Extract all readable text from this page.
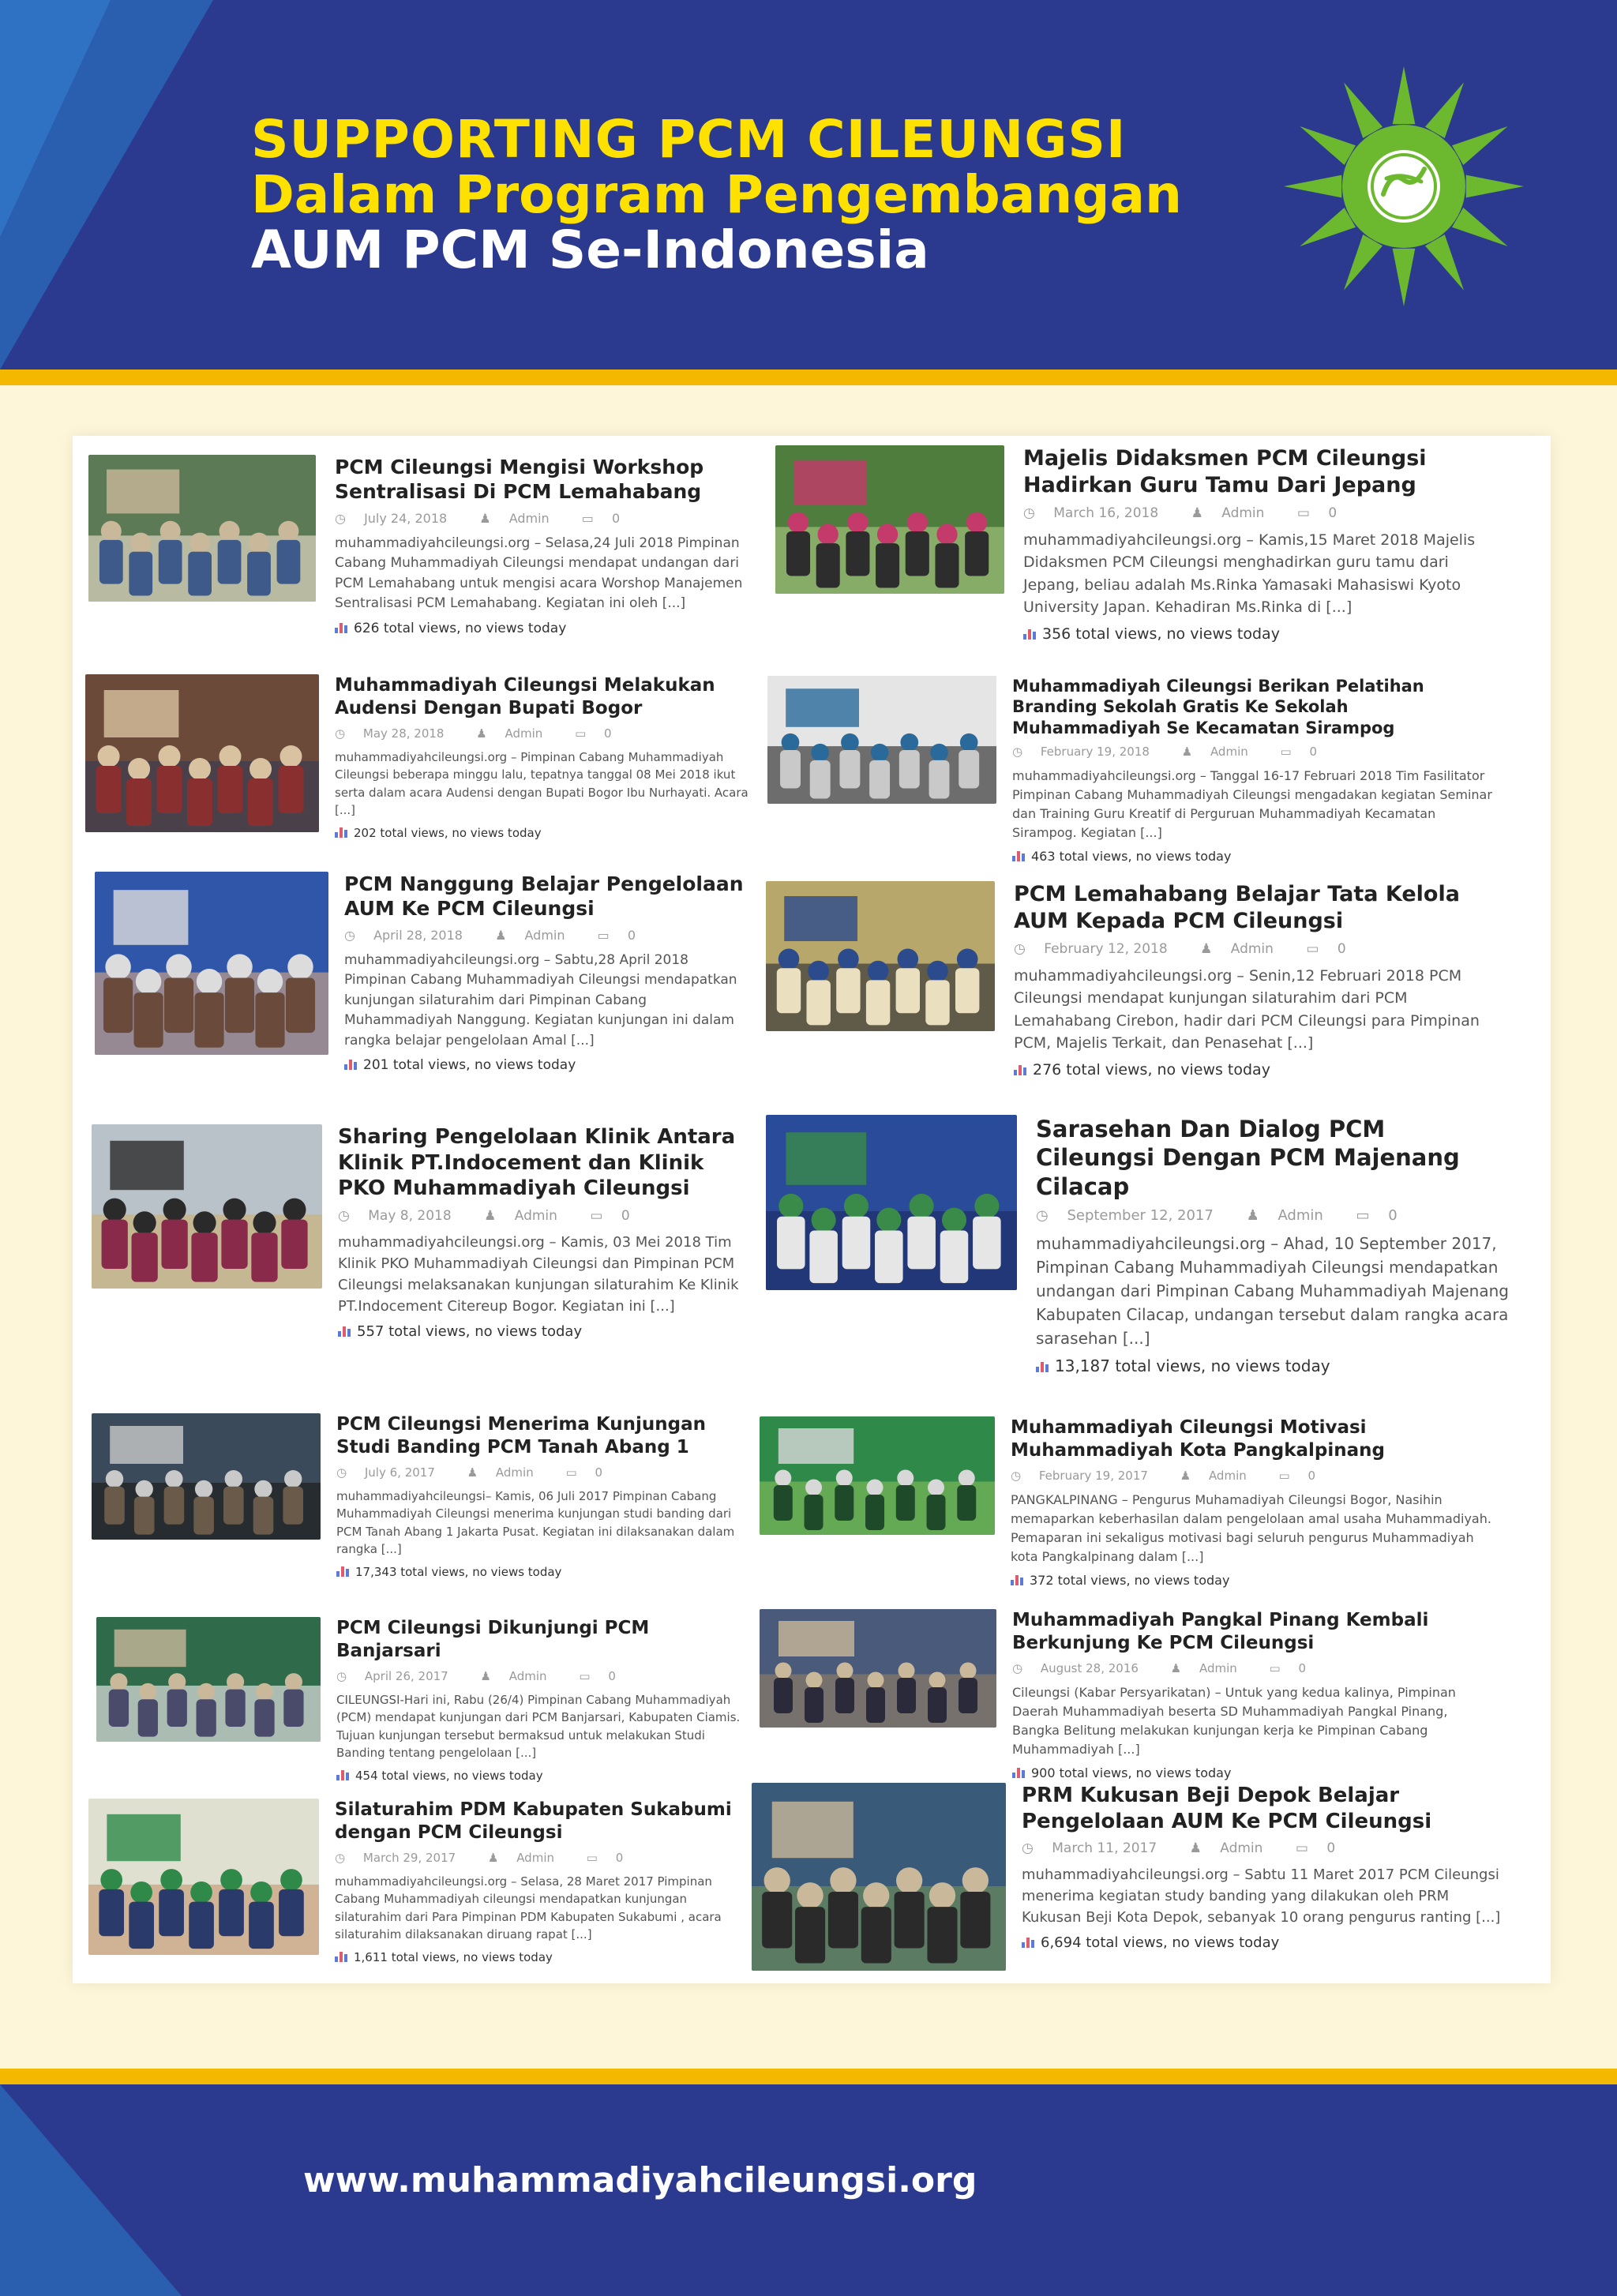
SUPPORTING PCM CILEUNGSI
Dalam Program Pengembangan
AUM PCM Se-Indonesia
PCM Cileungsi Mengisi Workshop Sentralisasi Di PCM Lemahabang
◷ July 24, 2018	♟ Admin	▭ 0
muhammadiyahcileungsi.org – Selasa,24 Juli 2018 Pimpinan Cabang Muhammadiyah Cileungsi mendapat undangan dari PCM Lemahabang untuk mengisi acara Worshop Manajemen Sentralisasi PCM Lemahabang. Kegiatan ini oleh [...]
626 total views, no views today
Majelis Didaksmen PCM Cileungsi Hadirkan Guru Tamu Dari Jepang
◷ March 16, 2018 ♟ Admin ▭ 0
muhammadiyahcileungsi.org – Kamis,15 Maret 2018 Majelis Didaksmen PCM Cileungsi menghadirkan guru tamu dari Jepang, beliau adalah Ms.Rinka Yamasaki Mahasiswi Kyoto University Japan. Kehadiran Ms.Rinka di [...]
356 total views, no views today
Muhammadiyah Cileungsi Melakukan Audensi Dengan Bupati Bogor
◷ May 28, 2018	♟ Admin	▭ 0
muhammadiyahcileungsi.org – Pimpinan Cabang Muhammadiyah Cileungsi beberapa minggu lalu, tepatnya tanggal 08 Mei 2018 ikut serta dalam acara Audensi dengan Bupati Bogor Ibu Nurhayati. Acara [...]
202 total views, no views today
Muhammadiyah Cileungsi Berikan Pelatihan Branding Sekolah Gratis Ke Sekolah Muhammadiyah Se Kecamatan Sirampog
◷ February 19, 2018	♟ Admin	▭ 0
muhammadiyahcileungsi.org – Tanggal 16-17 Februari 2018 Tim Fasilitator Pimpinan Cabang Muhammadiyah Cileungsi mengadakan kegiatan Seminar dan Training Guru Kreatif di Perguruan Muhammadiyah Kecamatan Sirampog. Kegiatan [...]
463 total views, no views today
PCM Nanggung Belajar Pengelolaan AUM Ke PCM Cileungsi
◷ April 28, 2018	♟ Admin	▭ 0
muhammadiyahcileungsi.org – Sabtu,28 April 2018 Pimpinan Cabang Muhammadiyah Cileungsi mendapatkan kunjungan silaturahim dari Pimpinan Cabang Muhammadiyah Nanggung. Kegiatan kunjungan ini dalam rangka belajar pengelolaan Amal [...]
201 total views, no views today
PCM Lemahabang Belajar Tata Kelola AUM Kepada PCM Cileungsi
◷ February 12, 2018 ♟ Admin ▭ 0
muhammadiyahcileungsi.org – Senin,12 Februari 2018 PCM Cileungsi mendapat kunjungan silaturahim dari PCM Lemahabang Cirebon, hadir dari PCM Cileungsi para Pimpinan PCM, Majelis Terkait, dan Penasehat [...]
276 total views, no views today
Sharing Pengelolaan Klinik Antara Klinik PT.Indocement dan Klinik PKO Muhammadiyah Cileungsi
◷ May 8, 2018 ♟ Admin ▭ 0
muhammadiyahcileungsi.org – Kamis, 03 Mei 2018 Tim Klinik PKO Muhammadiyah Cileungsi dan Pimpinan PCM Cileungsi melaksanakan kunjungan silaturahim Ke Klinik PT.Indocement Citereup Bogor. Kegiatan ini [...]
557 total views, no views today
Sarasehan Dan Dialog PCM Cileungsi Dengan PCM Majenang Cilacap
◷ September 12, 2017 ♟ Admin ▭ 0
muhammadiyahcileungsi.org – Ahad, 10 September 2017, Pimpinan Cabang Muhammadiyah Cileungsi mendapatkan undangan dari Pimpinan Cabang Muhammadiyah Majenang Kabupaten Cilacap, undangan tersebut dalam rangka acara sarasehan [...]
13,187 total views, no views today
PCM Cileungsi Menerima Kunjungan Studi Banding PCM Tanah Abang 1
◷ July 6, 2017	♟ Admin	▭ 0
muhammadiyahcileungsi– Kamis, 06 Juli 2017 Pimpinan Cabang Muhammadiyah Cileungsi menerima kunjungan studi banding dari PCM Tanah Abang 1 Jakarta Pusat. Kegiatan ini dilaksanakan dalam rangka [...]
17,343 total views, no views today
Muhammadiyah Cileungsi Motivasi Muhammadiyah Kota Pangkalpinang
◷ February 19, 2017	♟ Admin	▭ 0
PANGKALPINANG – Pengurus Muhamadiyah Cileungsi Bogor, Nasihin memaparkan keberhasilan dalam pengelolaan amal usaha Muhammadiyah. Pemaparan ini sekaligus motivasi bagi seluruh pengurus Muhammadiyah kota Pangkalpinang dalam [...]
372 total views, no views today
PCM Cileungsi Dikunjungi PCM Banjarsari
◷ April 26, 2017	♟ Admin	▭ 0
CILEUNGSI-Hari ini, Rabu (26/4) Pimpinan Cabang Muhammadiyah (PCM) mendapat kunjungan dari PCM Banjarsari, Kabupaten Ciamis. Tujuan kunjungan tersebut bermaksud untuk melakukan Studi Banding tentang pengelolaan [...]
454 total views, no views today
Muhammadiyah Pangkal Pinang Kembali Berkunjung Ke PCM Cileungsi
◷ August 28, 2016	♟ Admin	▭ 0
Cileungsi (Kabar Persyarikatan) – Untuk yang kedua kalinya, Pimpinan Daerah Muhammadiyah beserta SD Muhammadiyah Pangkal Pinang, Bangka Belitung melakukan kunjungan kerja ke Pimpinan Cabang Muhammadiyah [...]
900 total views, no views today
Silaturahim PDM Kabupaten Sukabumi dengan PCM Cileungsi
◷ March 29, 2017	♟ Admin	▭ 0
muhammadiyahcileungsi.org – Selasa, 28 Maret 2017 Pimpinan Cabang Muhammadiyah cileungsi mendapatkan kunjungan silaturahim dari Para Pimpinan PDM Kabupaten Sukabumi , acara silaturahim dilaksanakan diruang rapat [...]
1,611 total views, no views today
PRM Kukusan Beji Depok Belajar Pengelolaan AUM Ke PCM Cileungsi
◷ March 11, 2017 ♟ Admin ▭ 0
muhammadiyahcileungsi.org – Sabtu 11 Maret 2017 PCM Cileungsi menerima kegiatan study banding yang dilakukan oleh PRM Kukusan Beji Kota Depok, sebanyak 10 orang pengurus ranting [...]
6,694 total views, no views today
www.muhammadiyahcileungsi.org
